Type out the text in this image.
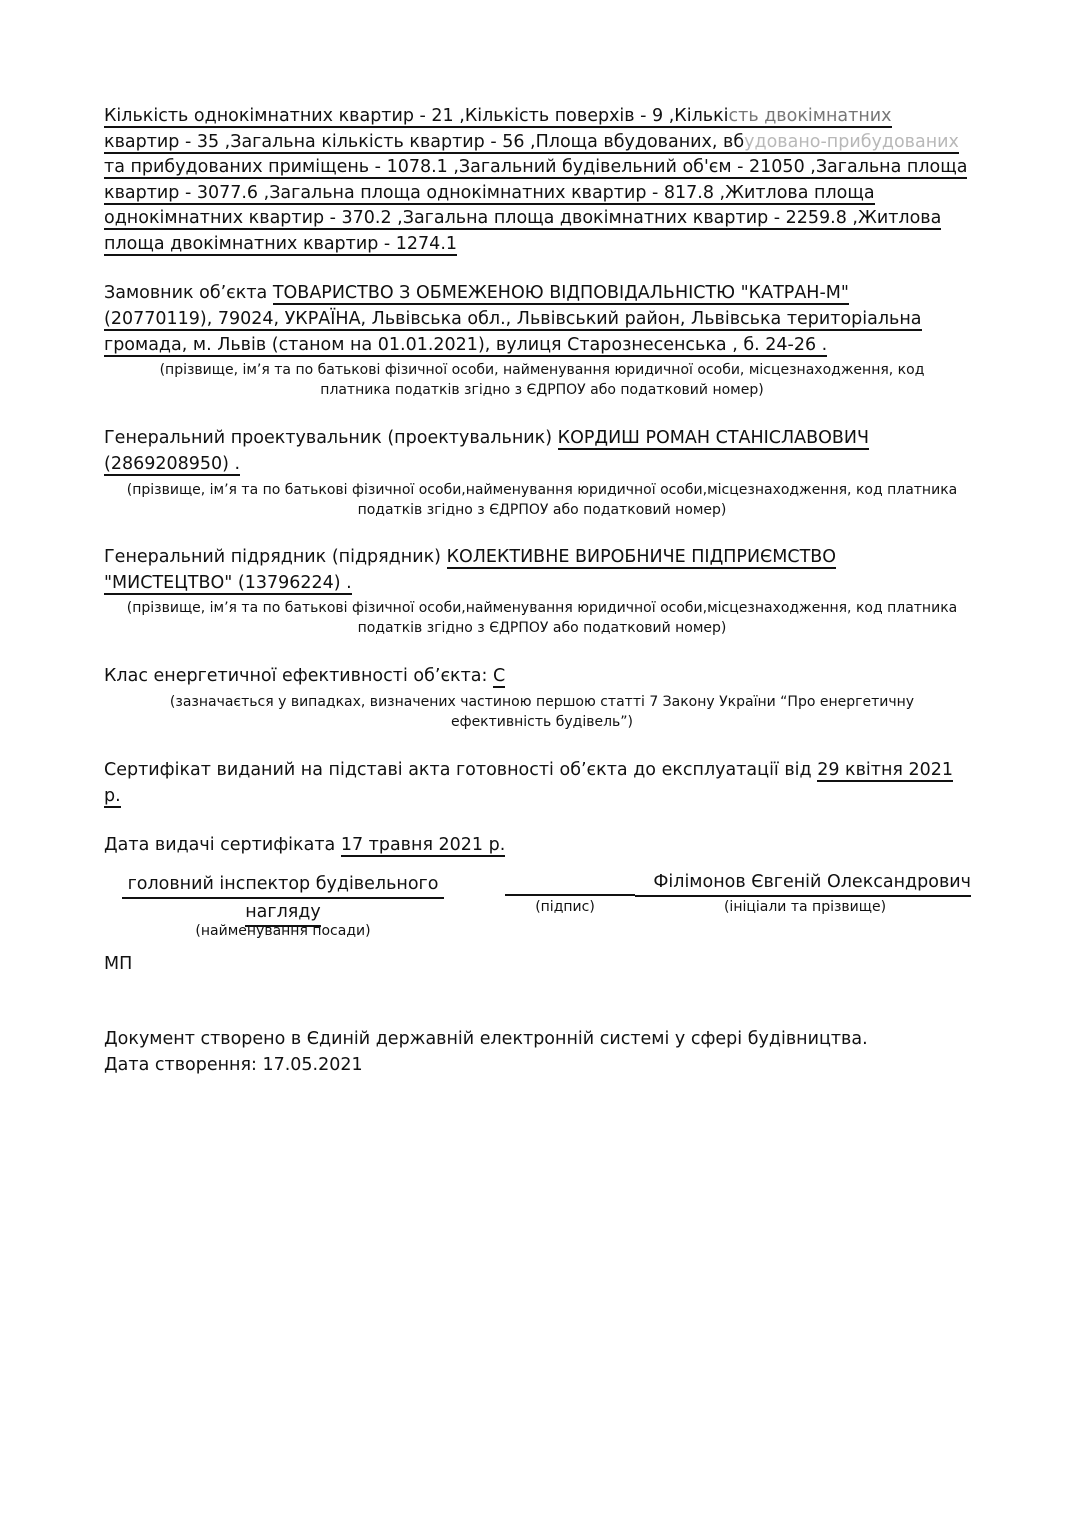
Кількість однокімнатних квартир - 21 ,Кількість поверхів - 9 ,Кількість двокімнатних
квартир - 35 ,Загальна кількість квартир - 56 ,Площа вбудованих, вбудовано-прибудованих
та прибудованих приміщень - 1078.1 ,Загальний будівельний об'єм - 21050 ,Загальна площа
квартир - 3077.6 ,Загальна площа однокімнатних квартир - 817.8 ,Житлова площа
однокімнатних квартир - 370.2 ,Загальна площа двокімнатних квартир - 2259.8 ,Житлова
площа двокімнатних квартир - 1274.1
Замовник об’єкта ТОВАРИСТВО З ОБМЕЖЕНОЮ ВІДПОВІДАЛЬНІСТЮ "КАТРАН-М"
(20770119), 79024, УКРАЇНА, Львівська обл., Львівський район, Львівська територіальна
громада, м. Львів (станом на 01.01.2021), вулиця Старознесенська , б. 24-26 .
(прізвище, ім’я та по батькові фізичної особи, найменування юридичної особи, місцезнаходження, код
платника податків згідно з ЄДРПОУ або податковий номер)
Генеральний проектувальник (проектувальник) КОРДИШ РОМАН СТАНІСЛАВОВИЧ
(2869208950) .
(прізвище, ім’я та по батькові фізичної особи,найменування юридичної особи,місцезнаходження, код платника
податків згідно з ЄДРПОУ або податковий номер)
Генеральний підрядник (підрядник) КОЛЕКТИВНЕ ВИРОБНИЧЕ ПІДПРИЄМСТВО
"МИСТЕЦТВО" (13796224) .
(прізвище, ім’я та по батькові фізичної особи,найменування юридичної особи,місцезнаходження, код платника
податків згідно з ЄДРПОУ або податковий номер)
Клас енергетичної ефективності об’єкта: C
(зазначається у випадках, визначених частиною першою статті 7 Закону України “Про енергетичну
ефективність будівель”)
Сертифікат виданий на підставі акта готовності об’єкта до експлуатації від 29 квітня 2021
р.
Дата видачі сертифіката 17 травня 2021 р.
головний інспектор будівельного
нагляду
(найменування посади)
(підпис)
Філімонов Євгеній Олександрович
(ініціали та прізвище)
МП
Документ створено в Єдиній державній електронній системі у сфері будівництва.
Дата створення: 17.05.2021
